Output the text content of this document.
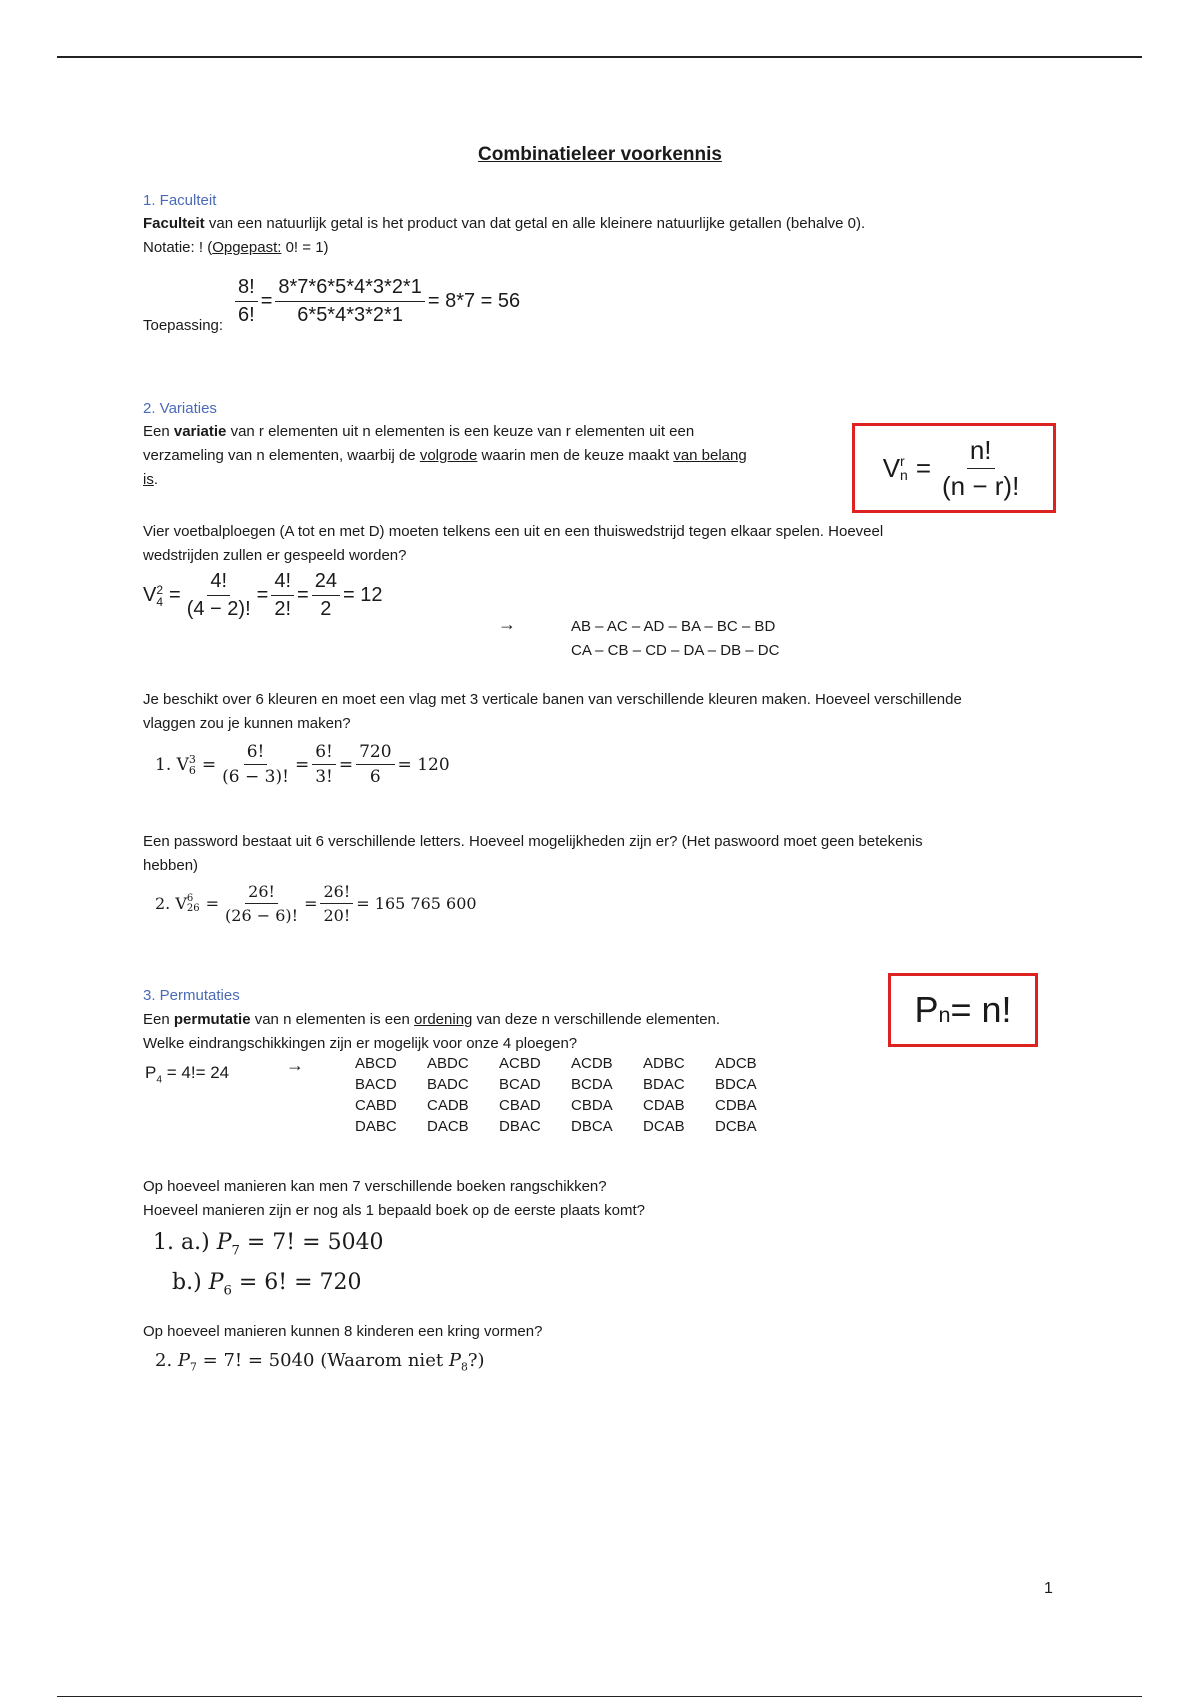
Combinatieleer voorkennis
1. Faculteit
Faculteit van een natuurlijk getal is het product van dat getal en alle kleinere natuurlijke getallen (behalve 0).
Notatie: ! (Opgepast: 0! = 1)
Toepassing: $\frac{8!}{6!} = \frac{8*7*6*5*4*3*2*1}{6*5*4*3*2*1} = 8*7 = 56$
2. Variaties
Een variatie van r elementen uit n elementen is een keuze van r elementen uit een
verzameling van n elementen, waarbij de volgrode waarin men de keuze maakt van belang
is.	V r
$n = \frac{n!}{(n - r)!}$
Vier voetbalploegen (A tot en met D) moeten telkens een uit en een thuiswedstrijd tegen elkaar spelen. Hoeveel
wedstrijden zullen er gespeeld worden?
V 2
$4 = \frac{4!}{(4 - 2)!} = \frac{4!}{2!} = \frac{24}{2} = 12$
→	AB – AC – AD – BA – BC – BD
CA – CB – CD – DA – DB – DC
Je beschikt over 6 kleuren en moet een vlag met 3 verticale banen van verschillende kleuren maken. Hoeveel verschillende
vlaggen zou je kunnen maken?
1. V 3
$6 = \frac{6!}{(6 - 3)!} = \frac{6!}{3!} = \frac{720}{6} = 120$
Een password bestaat uit 6 verschillende letters. Hoeveel mogelijkheden zijn er? (Het paswoord moet geen betekenis
hebben)
2. V 6
$26 = \frac{26!}{(26 - 6)!} = \frac{26!}{20!} = 165$ 765 600
3. Permutaties
Een permutatie van n elementen is een ordening van deze n verschillende elementen.
Welke eindrangschikkingen zijn er mogelijk voor onze 4 ploegen?
P n = n!
$P_4 = 4!= 24$	→	ABCD	ABDC	ACBD	ACDB	ADBC	ADCB
BACD	BADC	BCAD	BCDA	BDAC	BDCA
CABD	CADB	CBAD	CBDA	CDAB	CDBA
DABC	DACB	DBAC	DBCA	DCAB	DCBA
Op hoeveel manieren kan men 7 verschillende boeken rangschikken?
Hoeveel manieren zijn er nog als 1 bepaald boek op de eerste plaats komt?
1. a.) $P_7 = 7$! = 5040
b.) $P_6 = 6$! = 720
Op hoeveel manieren kunnen 8 kinderen een kring vormen?
2. $P_7 = 7$! = 5040 (Waarom niet $P_8$?)
1
